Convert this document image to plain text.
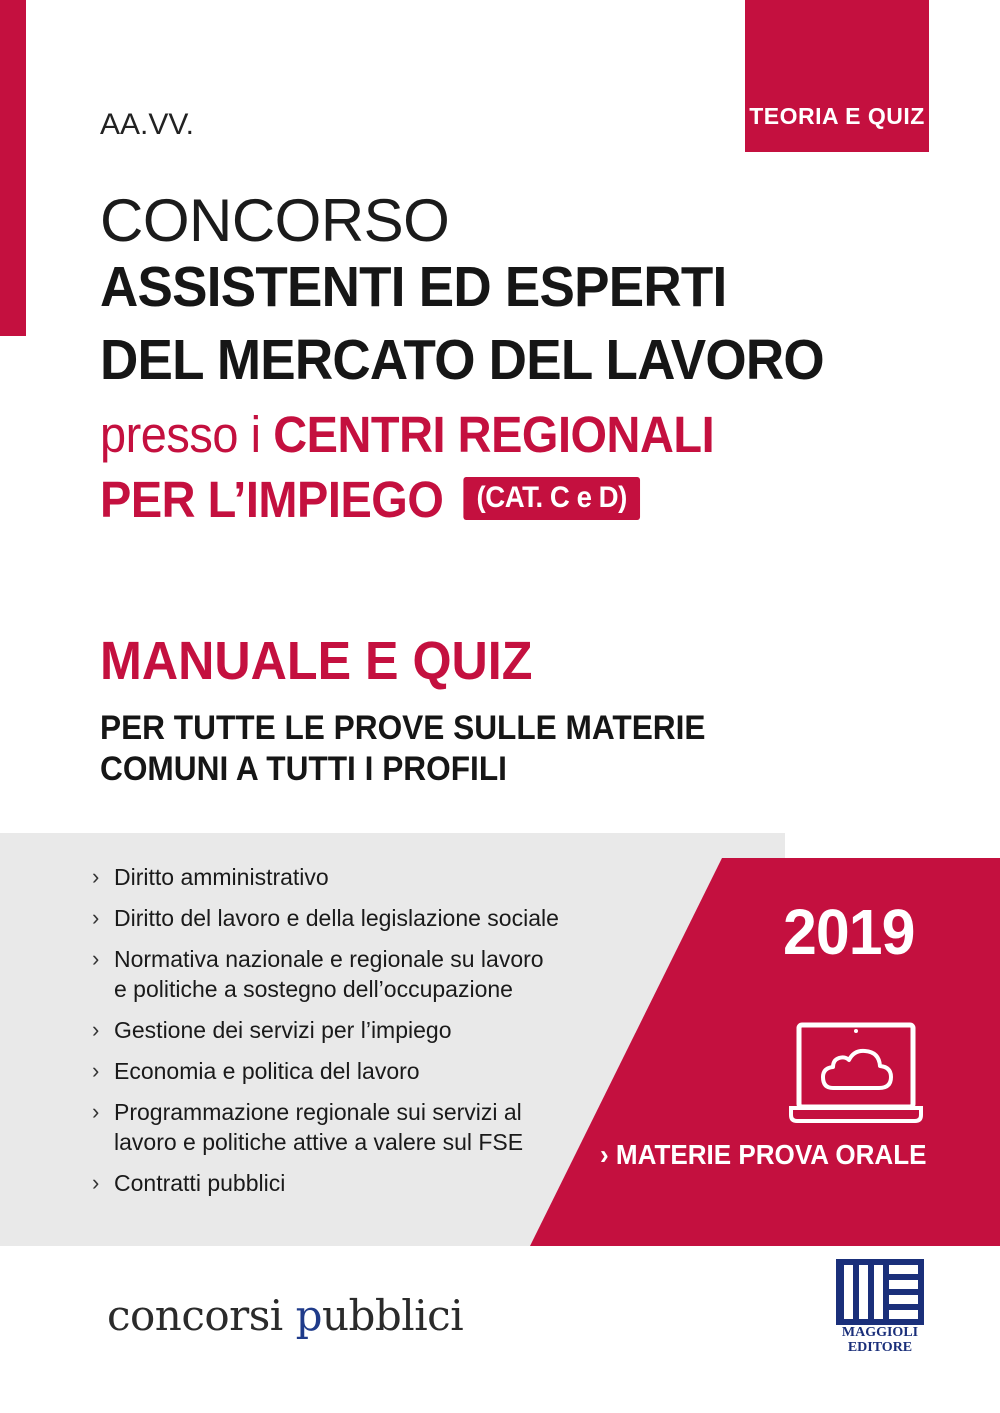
TEORIA E QUIZ
AA.VV.
CONCORSO
ASSISTENTI ED ESPERTI
DEL MERCATO DEL LAVORO
presso i CENTRI REGIONALI
PER L’IMPIEGO (CAT. C e D)
MANUALE E QUIZ
PER TUTTE LE PROVE SULLE MATERIE
COMUNI A TUTTI I PROFILI
› Diritto amministrativo
› Diritto del lavoro e della legislazione sociale
› Normativa nazionale e regionale su lavoro
e politiche a sostegno dell’occupazione
› Gestione dei servizi per l’impiego
› Economia e politica del lavoro
› Programmazione regionale sui servizi al
lavoro e politiche attive a valere sul FSE
› Contratti pubblici
2019
› MATERIE PROVA ORALE
concorsi pubblici	MAGGIOLI
EDITORE
